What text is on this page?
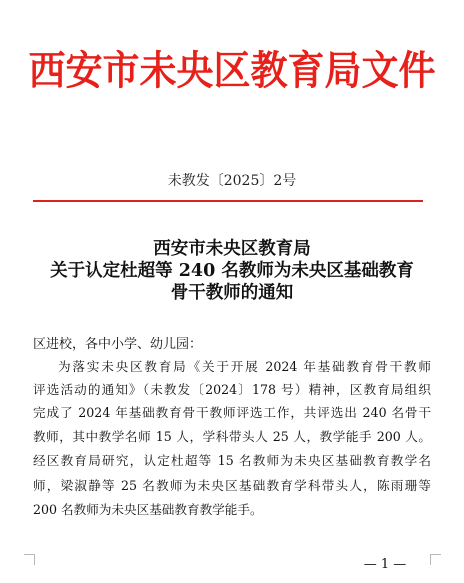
西安市未央区教育局文件
未教发〔2025〕2号
西安市未央区教育局
关于认定杜超等 240 名教师为未央区基础教育
骨干教师的通知
区进校，各中小学、幼儿园：
为落实未央区教育局《关于开展 2024 年基础教育骨干教师
评选活动的通知》（未教发〔2024〕178 号）精神，区教育局组织
完成了 2024 年基础教育骨干教师评选工作，共评选出 240 名骨干
教师，其中教学名师 15 人，学科带头人 25 人，教学能手 200 人。
经区教育局研究，认定杜超等 15 名教师为未央区基础教育教学名
师，梁淑静等 25 名教师为未央区基础教育学科带头人，陈雨珊等
200 名教师为未央区基础教育教学能手。
— 1 —
